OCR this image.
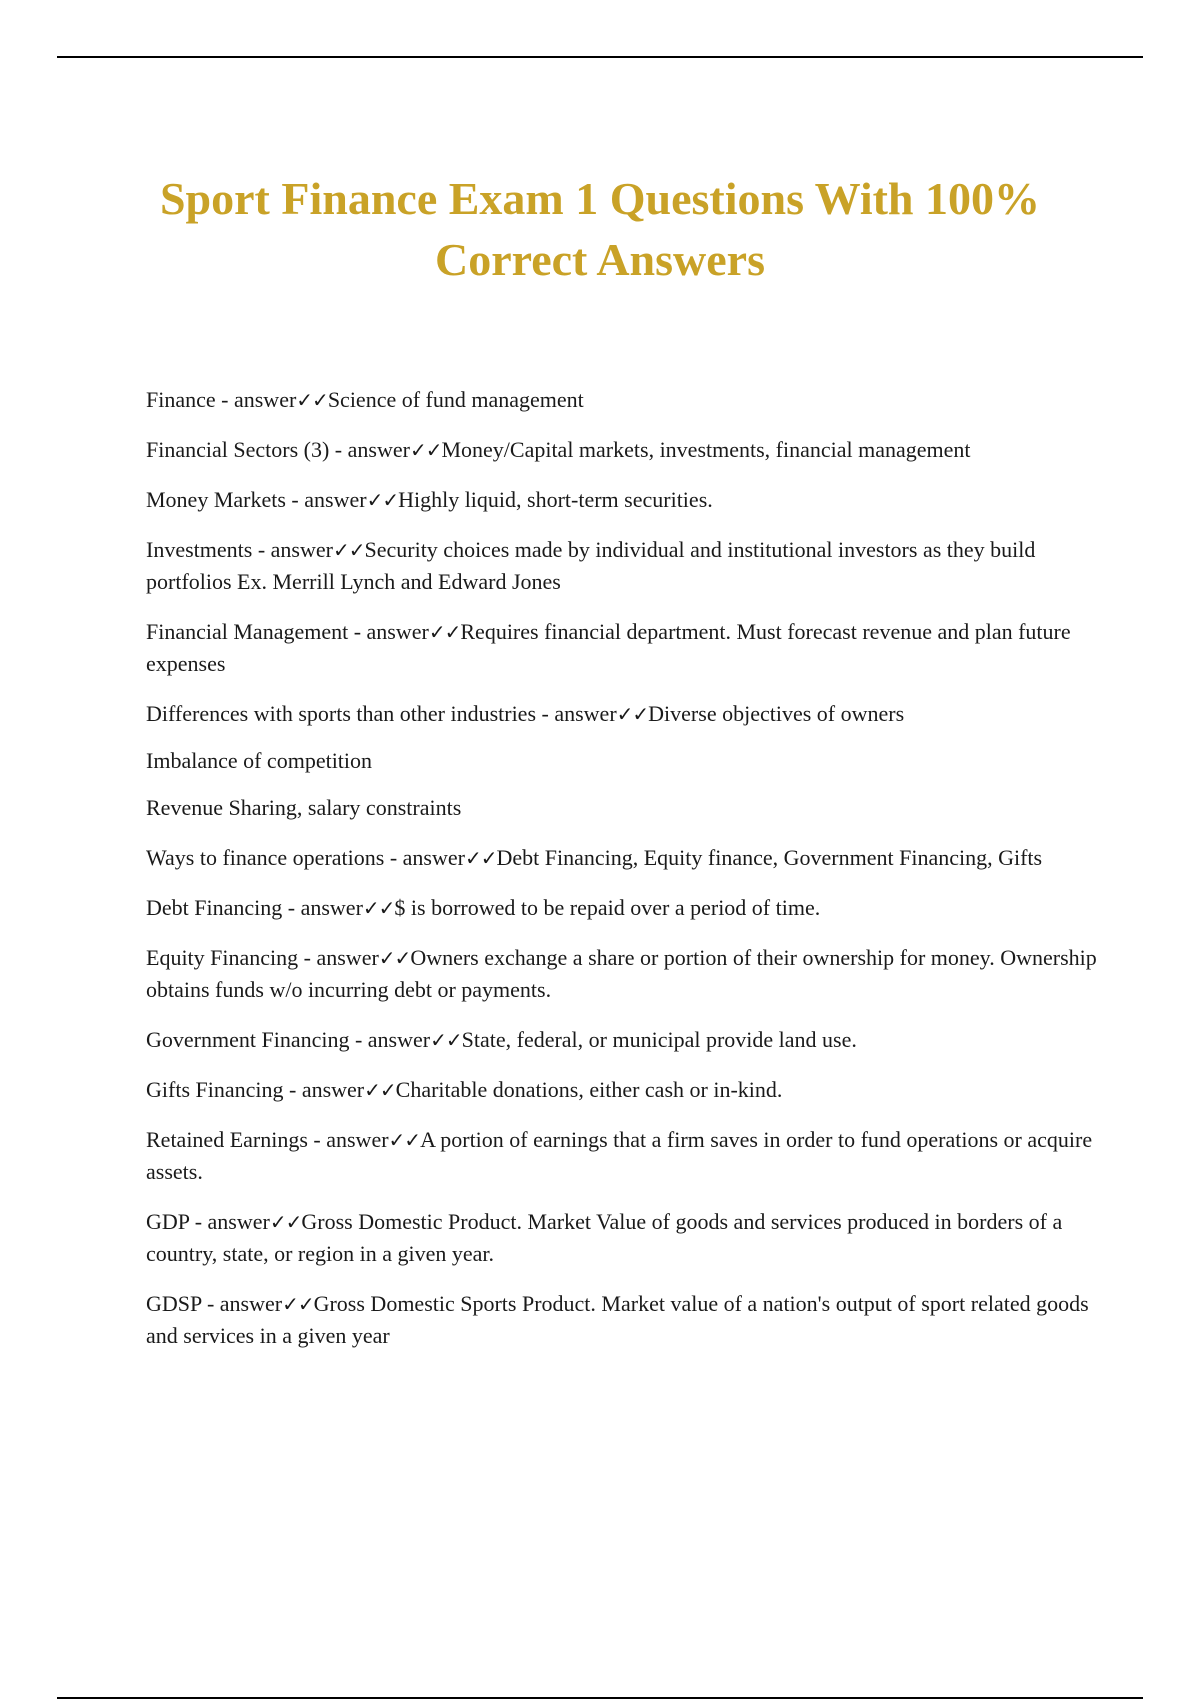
Sport Finance Exam 1 Questions With 100% Correct Answers
Finance - answer✓✓Science of fund management
Financial Sectors (3) - answer✓✓Money/Capital markets, investments, financial management
Money Markets - answer✓✓Highly liquid, short-term securities.
Investments - answer✓✓Security choices made by individual and institutional investors as they build portfolios Ex. Merrill Lynch and Edward Jones
Financial Management - answer✓✓Requires financial department. Must forecast revenue and plan future expenses
Differences with sports than other industries - answer✓✓Diverse objectives of owners
Imbalance of competition
Revenue Sharing, salary constraints
Ways to finance operations - answer✓✓Debt Financing, Equity finance, Government Financing, Gifts
Debt Financing - answer✓✓$ is borrowed to be repaid over a period of time.
Equity Financing - answer✓✓Owners exchange a share or portion of their ownership for money. Ownership obtains funds w/o incurring debt or payments.
Government Financing - answer✓✓State, federal, or municipal provide land use.
Gifts Financing - answer✓✓Charitable donations, either cash or in-kind.
Retained Earnings - answer✓✓A portion of earnings that a firm saves in order to fund operations or acquire assets.
GDP - answer✓✓Gross Domestic Product. Market Value of goods and services produced in borders of a country, state, or region in a given year.
GDSP - answer✓✓Gross Domestic Sports Product. Market value of a nation's output of sport related goods and services in a given year
